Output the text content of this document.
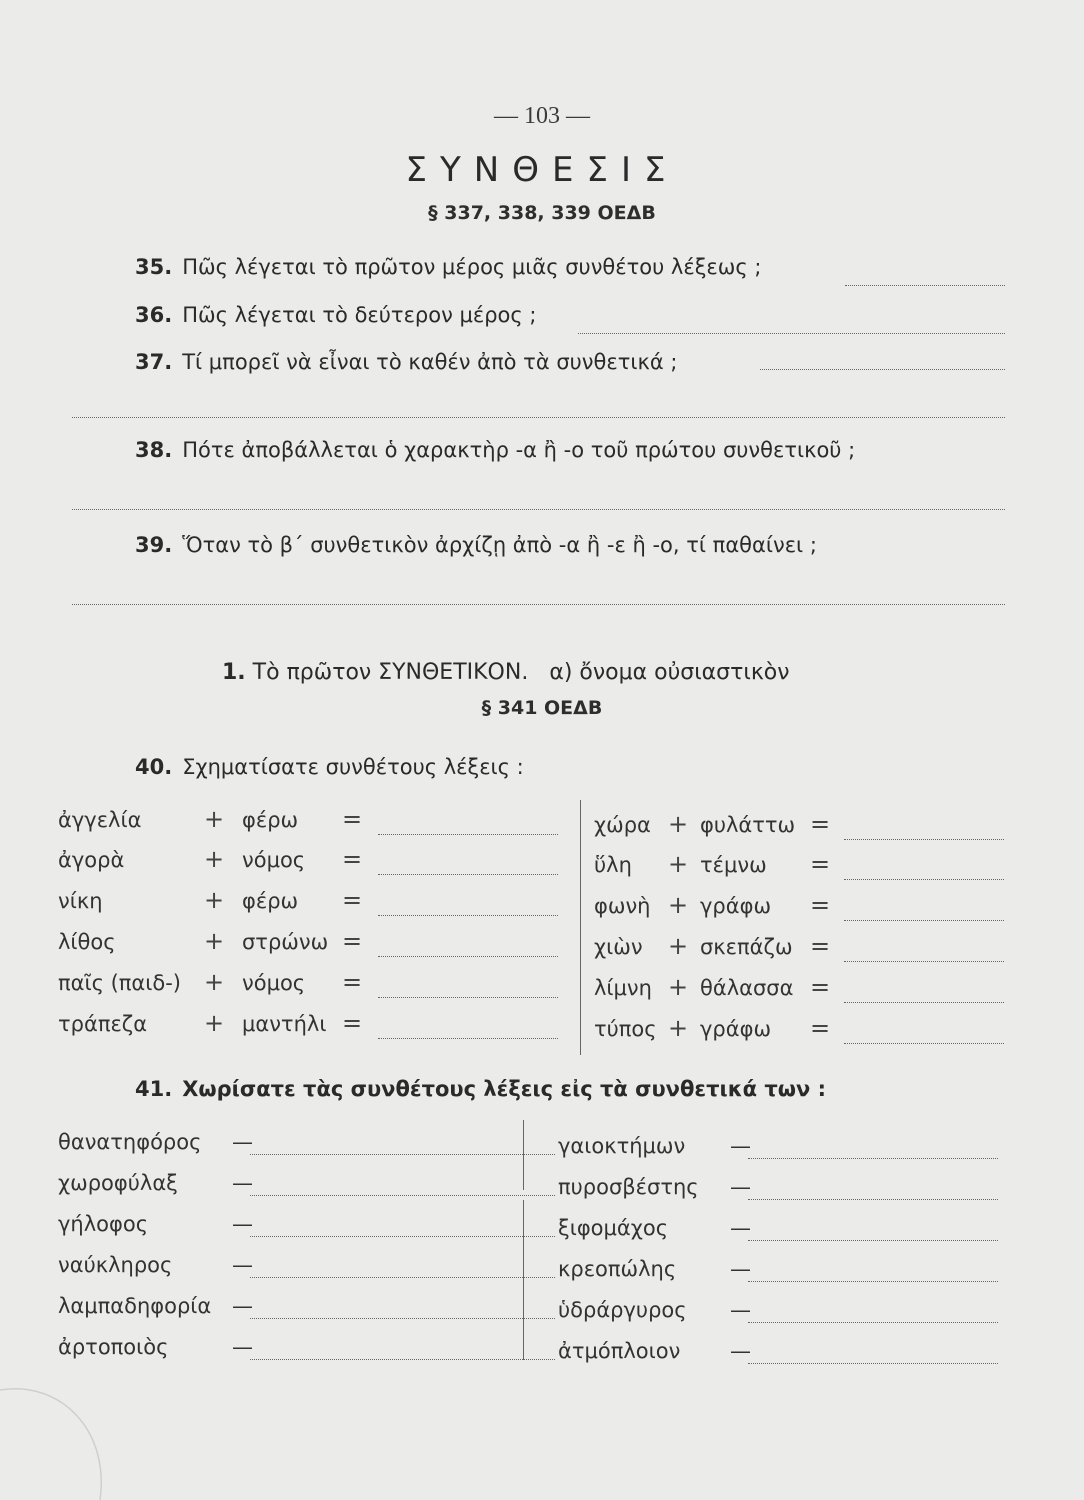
— 103 —
ΣΥΝΘΕΣΙΣ
§ 337, 338, 339 ΟΕΔΒ
35. Πῶς λέγεται τὸ πρῶτον μέρος μιᾶς συνθέτου λέξεως ;
36. Πῶς λέγεται τὸ δεύτερον μέρος ;
37. Τί μπορεῖ νὰ εἶναι τὸ καθέν ἀπὸ τὰ συνθετικά ;
38. Πότε ἀποβάλλεται ὁ χαρακτὴρ -α ἢ -ο τοῦ πρώτου συνθετικοῦ ;
39. Ὅταν τὸ β΄ συνθετικὸν ἀρχίζῃ ἀπὸ -α ἢ -ε ἢ -ο, τί παθαίνει ;
1. Τὸ πρῶτον ΣΥΝΘΕΤΙΚΟΝ. α) ὄνομα οὐσιαστικὸν
§ 341 ΟΕΔΒ
40. Σχηματίσατε συνθέτους λέξεις :
ἀγγελία	+ φέρω =
ἀγορὰ	+ νόμος =
νίκη	+ φέρω =
λίθος	+ στρώνω =
παῖς (παιδ-) + νόμος =
τράπεζα + μαντήλι =
χώρα + φυλάττω =
ὕλη + τέμνω =
φωνὴ + γράφω =
χιὼν + σκεπάζω =
λίμνη + θάλασσα =
τύπος + γράφω =
41. Χωρίσατε τὰς συνθέτους λέξεις εἰς τὰ συνθετικά των :
θανατηφόρος —
χωροφύλαξ	—
γήλοφος	—
ναύκληρος	—
λαμπαδηφορία —
ἀρτοποιὸς	—
γαιοκτήμων —
πυροσβέστης —
ξιφομάχος	—
κρεοπώλης	—
ὑδράργυρος —
ἀτμόπλοιον —
